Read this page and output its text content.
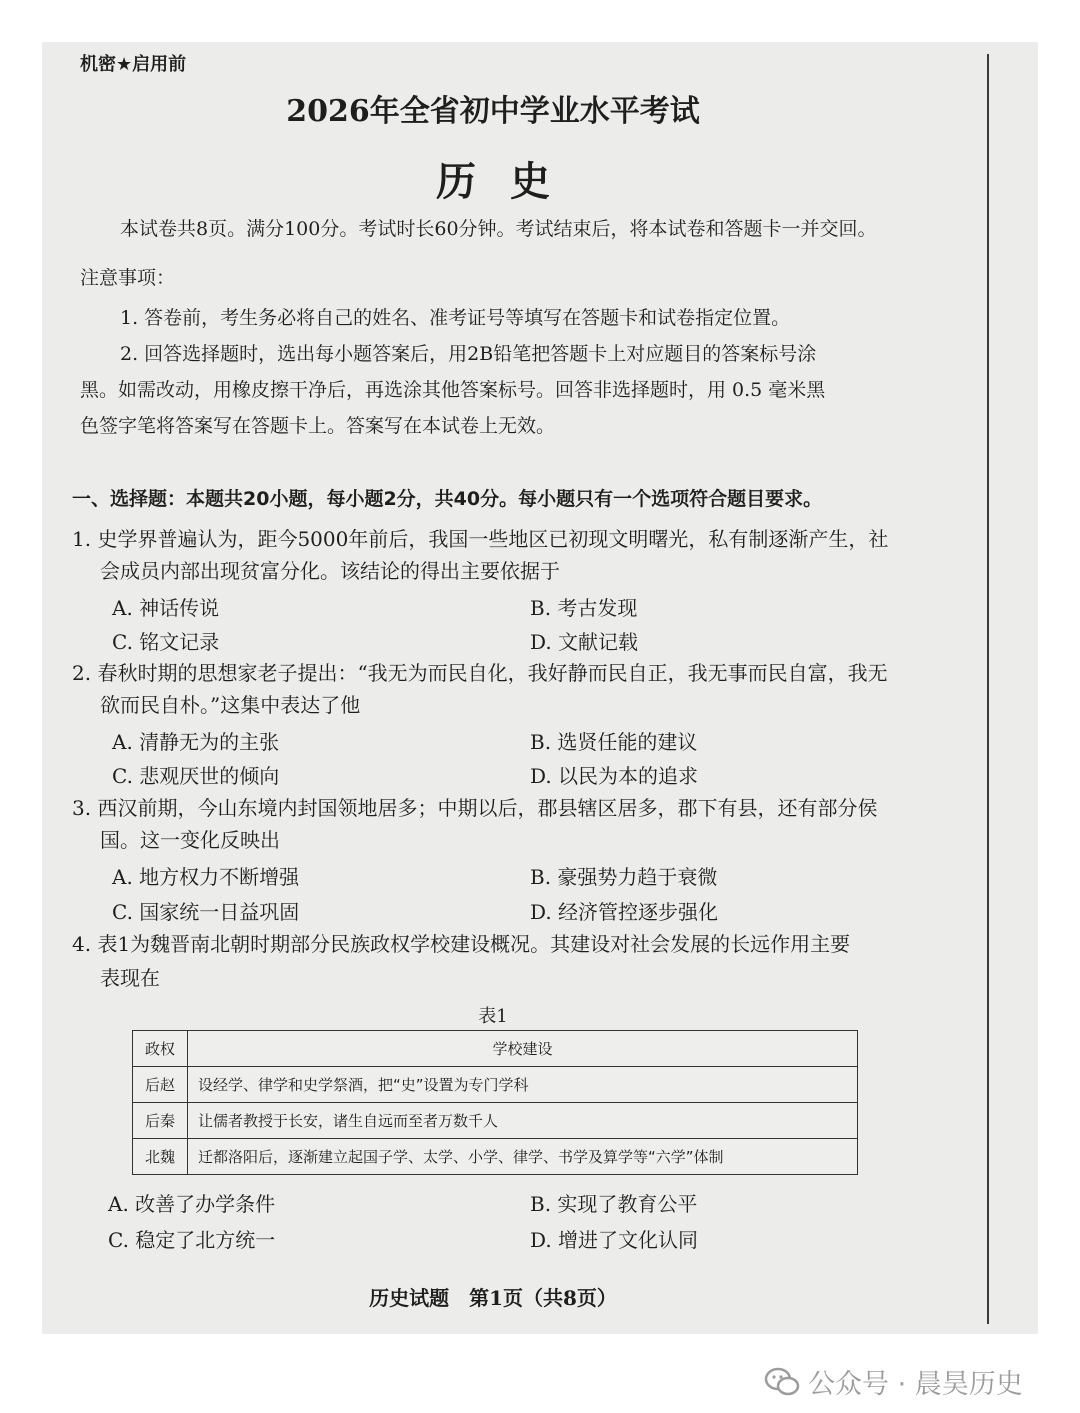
机密★启用前
2026年全省初中学业水平考试
历史
本试卷共8页。满分100分。考试时长60分钟。考试结束后，将本试卷和答题卡一并交回。
注意事项：
1. 答卷前，考生务必将自己的姓名、准考证号等填写在答题卡和试卷指定位置。
2. 回答选择题时，选出每小题答案后，用2B铅笔把答题卡上对应题目的答案标号涂
黑。如需改动，用橡皮擦干净后，再选涂其他答案标号。回答非选择题时，用 0.5 毫米黑
色签字笔将答案写在答题卡上。答案写在本试卷上无效。
一、选择题：本题共20小题，每小题2分，共40分。每小题只有一个选项符合题目要求。
1. 史学界普遍认为，距今5000年前后，我国一些地区已初现文明曙光，私有制逐渐产生，社
会成员内部出现贫富分化。该结论的得出主要依据于
A. 神话传说	B. 考古发现
C. 铭文记录	D. 文献记载
2. 春秋时期的思想家老子提出：“我无为而民自化，我好静而民自正，我无事而民自富，我无
欲而民自朴。”这集中表达了他
A. 清静无为的主张	B. 选贤任能的建议
C. 悲观厌世的倾向	D. 以民为本的追求
3. 西汉前期，今山东境内封国领地居多；中期以后，郡县辖区居多，郡下有县，还有部分侯
国。这一变化反映出
A. 地方权力不断增强	B. 豪强势力趋于衰微
C. 国家统一日益巩固	D. 经济管控逐步强化
4. 表1为魏晋南北朝时期部分民族政权学校建设概况。其建设对社会发展的长远作用主要
表现在
表1
政权	学校建设
后赵	设经学、律学和史学祭酒，把“史”设置为专门学科
后秦	让儒者教授于长安，诸生自远而至者万数千人
北魏	迁都洛阳后，逐渐建立起国子学、太学、小学、律学、书学及算学等“六学”体制
A. 改善了办学条件	B. 实现了教育公平
C. 稳定了北方统一	D. 增进了文化认同
历史试题　第1页（共8页）
公众号 · 晨昊历史
